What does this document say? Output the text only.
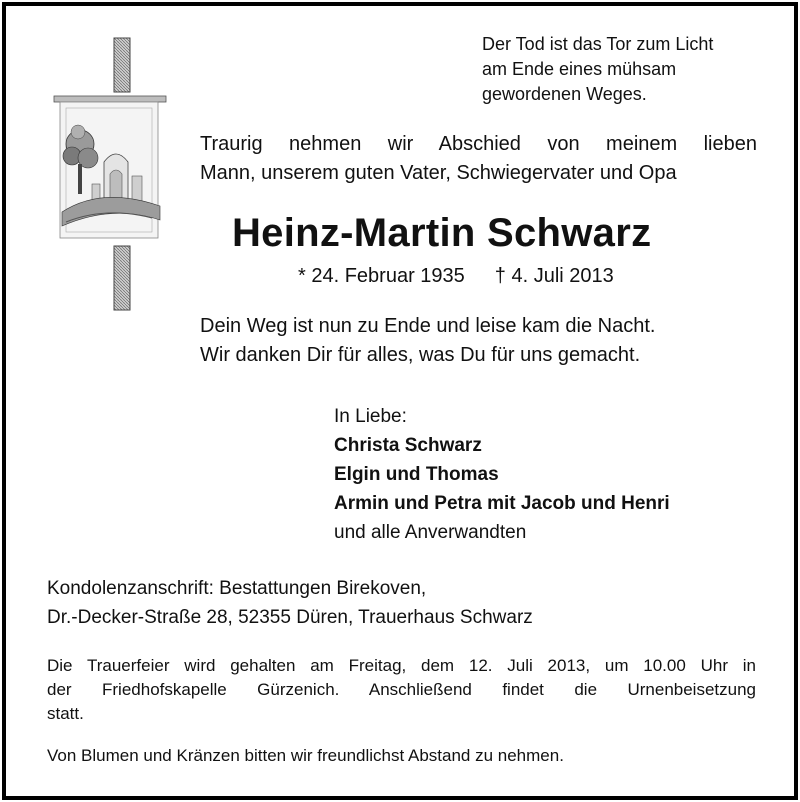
Der Tod ist das Tor zum Licht
am Ende eines mühsam
gewordenen Weges.
Traurig nehmen wir Abschied von meinem lieben
Mann, unserem guten Vater, Schwiegervater und Opa
Heinz-Martin Schwarz
* 24. Februar 1935 † 4. Juli 2013
Dein Weg ist nun zu Ende und leise kam die Nacht.
Wir danken Dir für alles, was Du für uns gemacht.
In Liebe:
Christa Schwarz
Elgin und Thomas
Armin und Petra mit Jacob und Henri
und alle Anverwandten
Kondolenzanschrift: Bestattungen Birekoven,
Dr.-Decker-Straße 28, 52355 Düren, Trauerhaus Schwarz
Die Trauerfeier wird gehalten am Freitag, dem 12. Juli 2013, um 10.00 Uhr in
der Friedhofskapelle Gürzenich. Anschließend findet die Urnenbeisetzung
statt.
Von Blumen und Kränzen bitten wir freundlichst Abstand zu nehmen.
